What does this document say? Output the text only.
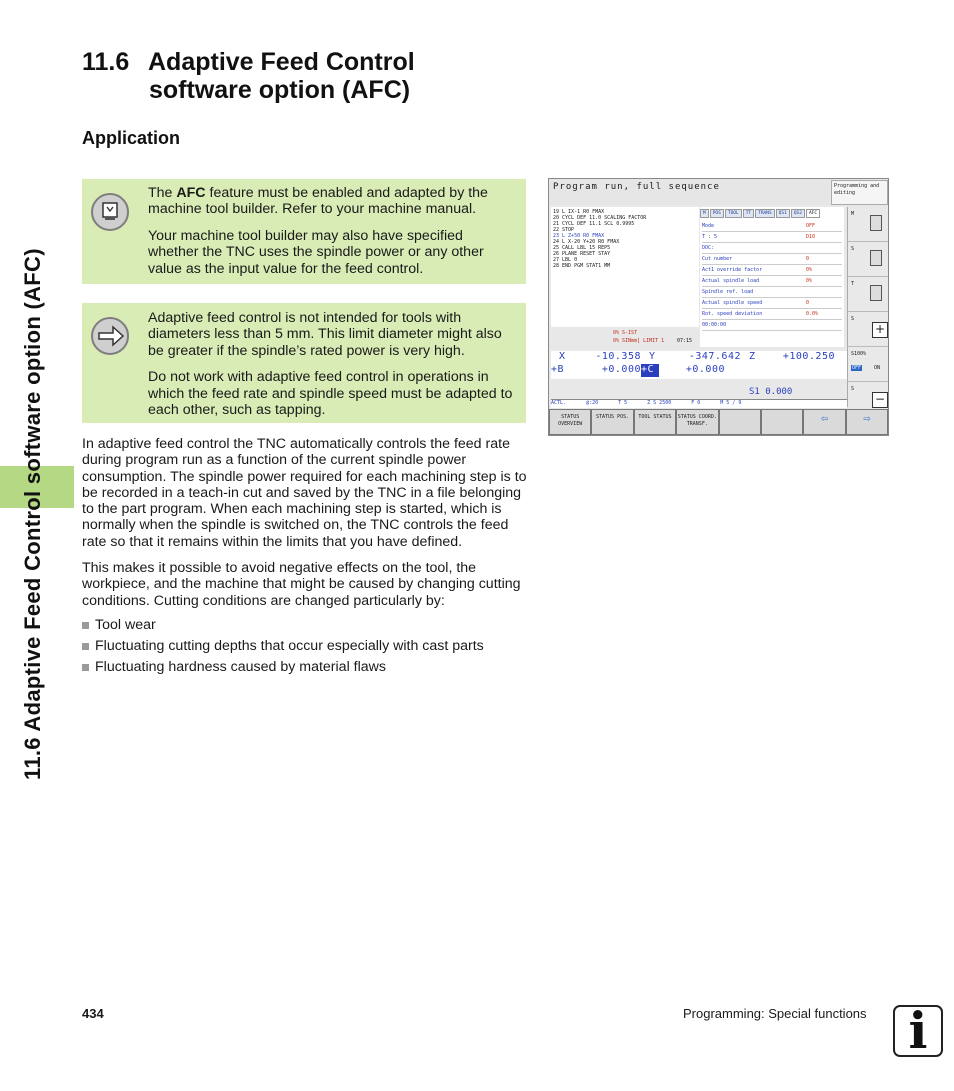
11.6 Adaptive Feed Control software option (AFC)
11.6 Adaptive Feed Control
software option (AFC)
Application

The AFC feature must be enabled and adapted by the machine tool builder. Refer to your machine manual.

Your machine tool builder may also have specified whether the TNC uses the spindle power or any other value as the input value for the feed control.

Adaptive feed control is not intended for tools with diameters less than 5 mm. This limit diameter might also be greater if the spindle’s rated power is very high.

Do not work with adaptive feed control in operations in which the feed rate and spindle speed must be adapted to each other, such as tapping.

In adaptive feed control the TNC automatically controls the feed rate during program run as a function of the current spindle power consumption. The spindle power required for each machining step is to be recorded in a teach-in cut and saved by the TNC in a file belonging to the part program. When each machining step is started, which is normally when the spindle is switched on, the TNC controls the feed rate so that it remains within the limits that you have defined.

This makes it possible to avoid negative effects on the tool, the workpiece, and the machine that might be caused by changing cutting conditions. Cutting conditions are changed particularly by:

Tool wear
Fluctuating cutting depths that occur especially with cast parts
Fluctuating hardness caused by material flaws
Program run, full sequence	Programming and editing
19 L IX-1 R0 FMAX
20 CYCL DEF 11.0 SCALING FACTOR
21 CYCL DEF 11.1 SCL 0.9995
22 STOP
23 L Z+50 R0 FMAX
24 L X-20 Y+20 R0 FMAX
25 CALL LBL 15 REP5
26 PLANE RESET STAY
27 LBL 0
28 END PGM STAT1 MM
M	POS	TOOL	TT	TRANS	QS1	QS2	AFC
Mode	OFF
T : 5	D10
DOC:
Cut number	0
Act1 override factor	0%
Actual spindle load	0%
Spindle ref. load
Actual spindle speed	0
Rot. speed deviation	0.0%
00:00:00
M
S
T
S
+
S100%
OFF	ON
S
−
0% S-IST
0% SINmm] LIMIT 1	07:15
X	-10.358 Y	-347.642 Z	+100.250
+B	+0.000 +C	+0.000
S1 0.000
ACTL.	@:20	T 5	Z S 2500	F 0	M 5 / 9
STATUS OVERVIEW
STATUS POS.	TOOL STATUS	STATUS COORD. TRANSF.	⇦	⇨
434	Programming: Special functions i
